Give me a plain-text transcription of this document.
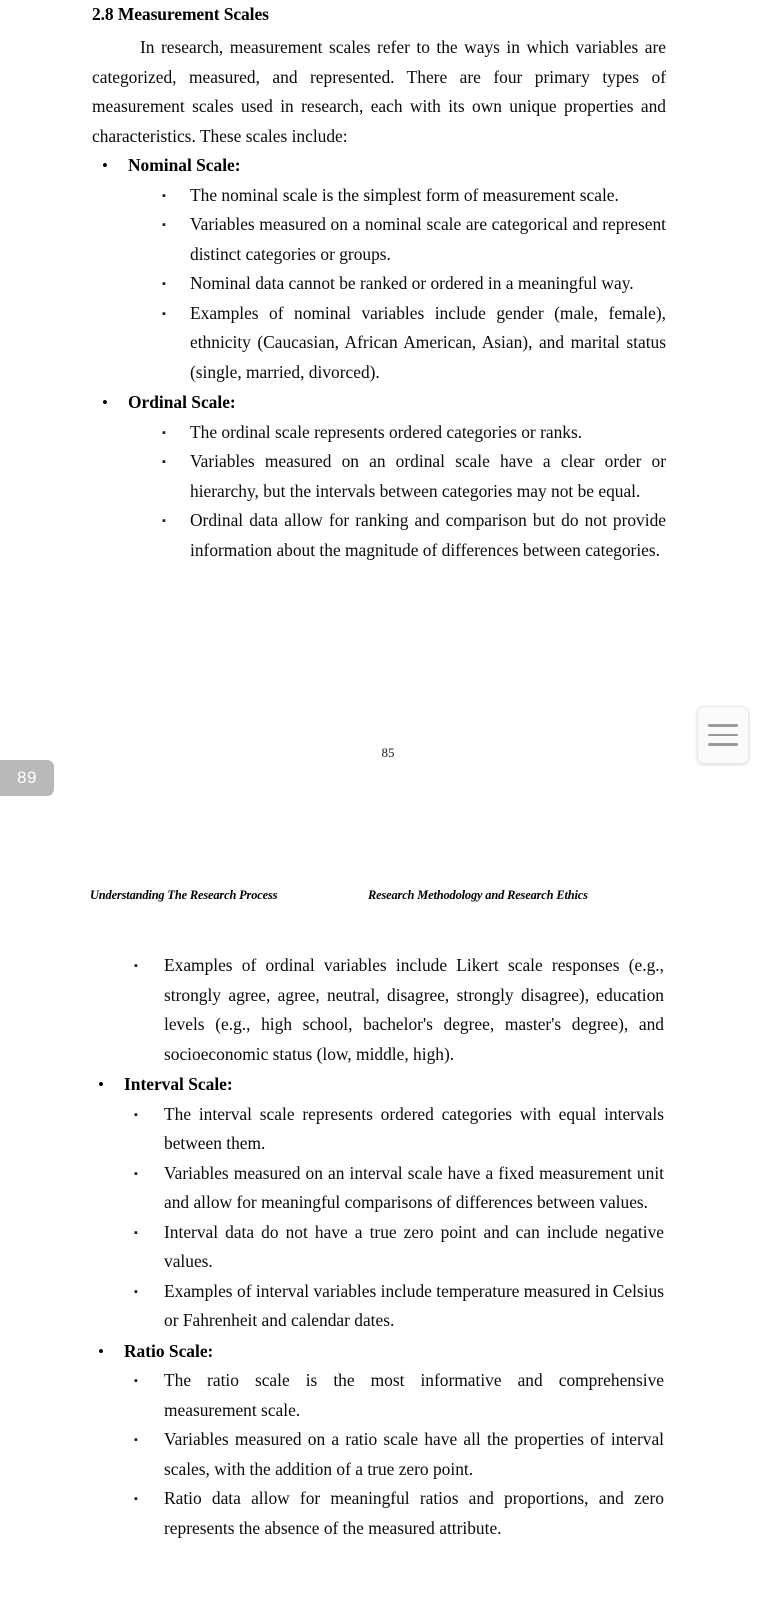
2.8 Measurement Scales
In research, measurement scales refer to the ways in which variables are categorized, measured, and represented. There are four primary types of measurement scales used in research, each with its own unique properties and characteristics. These scales include:
• Nominal Scale:
▪ The nominal scale is the simplest form of measurement scale.
▪ Variables measured on a nominal scale are categorical and represent distinct categories or groups.
▪ Nominal data cannot be ranked or ordered in a meaningful way.
▪ Examples of nominal variables include gender (male, female), ethnicity (Caucasian, African American, Asian), and marital status (single, married, divorced).
• Ordinal Scale:
▪ The ordinal scale represents ordered categories or ranks.
▪ Variables measured on an ordinal scale have a clear order or hierarchy, but the intervals between categories may not be equal.
▪ Ordinal data allow for ranking and comparison but do not provide information about the magnitude of differences between categories.
85
Understanding The Research Process	Research Methodology and Research Ethics
▪ Examples of ordinal variables include Likert scale responses (e.g., strongly agree, agree, neutral, disagree, strongly disagree), education levels (e.g., high school, bachelor's degree, master's degree), and socioeconomic status (low, middle, high).
• Interval Scale:
▪ The interval scale represents ordered categories with equal intervals between them.
▪ Variables measured on an interval scale have a fixed measurement unit and allow for meaningful comparisons of differences between values.
▪ Interval data do not have a true zero point and can include negative values.
▪ Examples of interval variables include temperature measured in Celsius or Fahrenheit and calendar dates.
• Ratio Scale:
▪ The ratio scale is the most informative and comprehensive measurement scale.
▪ Variables measured on a ratio scale have all the properties of interval scales, with the addition of a true zero point.
▪ Ratio data allow for meaningful ratios and proportions, and zero represents the absence of the measured attribute.
89
